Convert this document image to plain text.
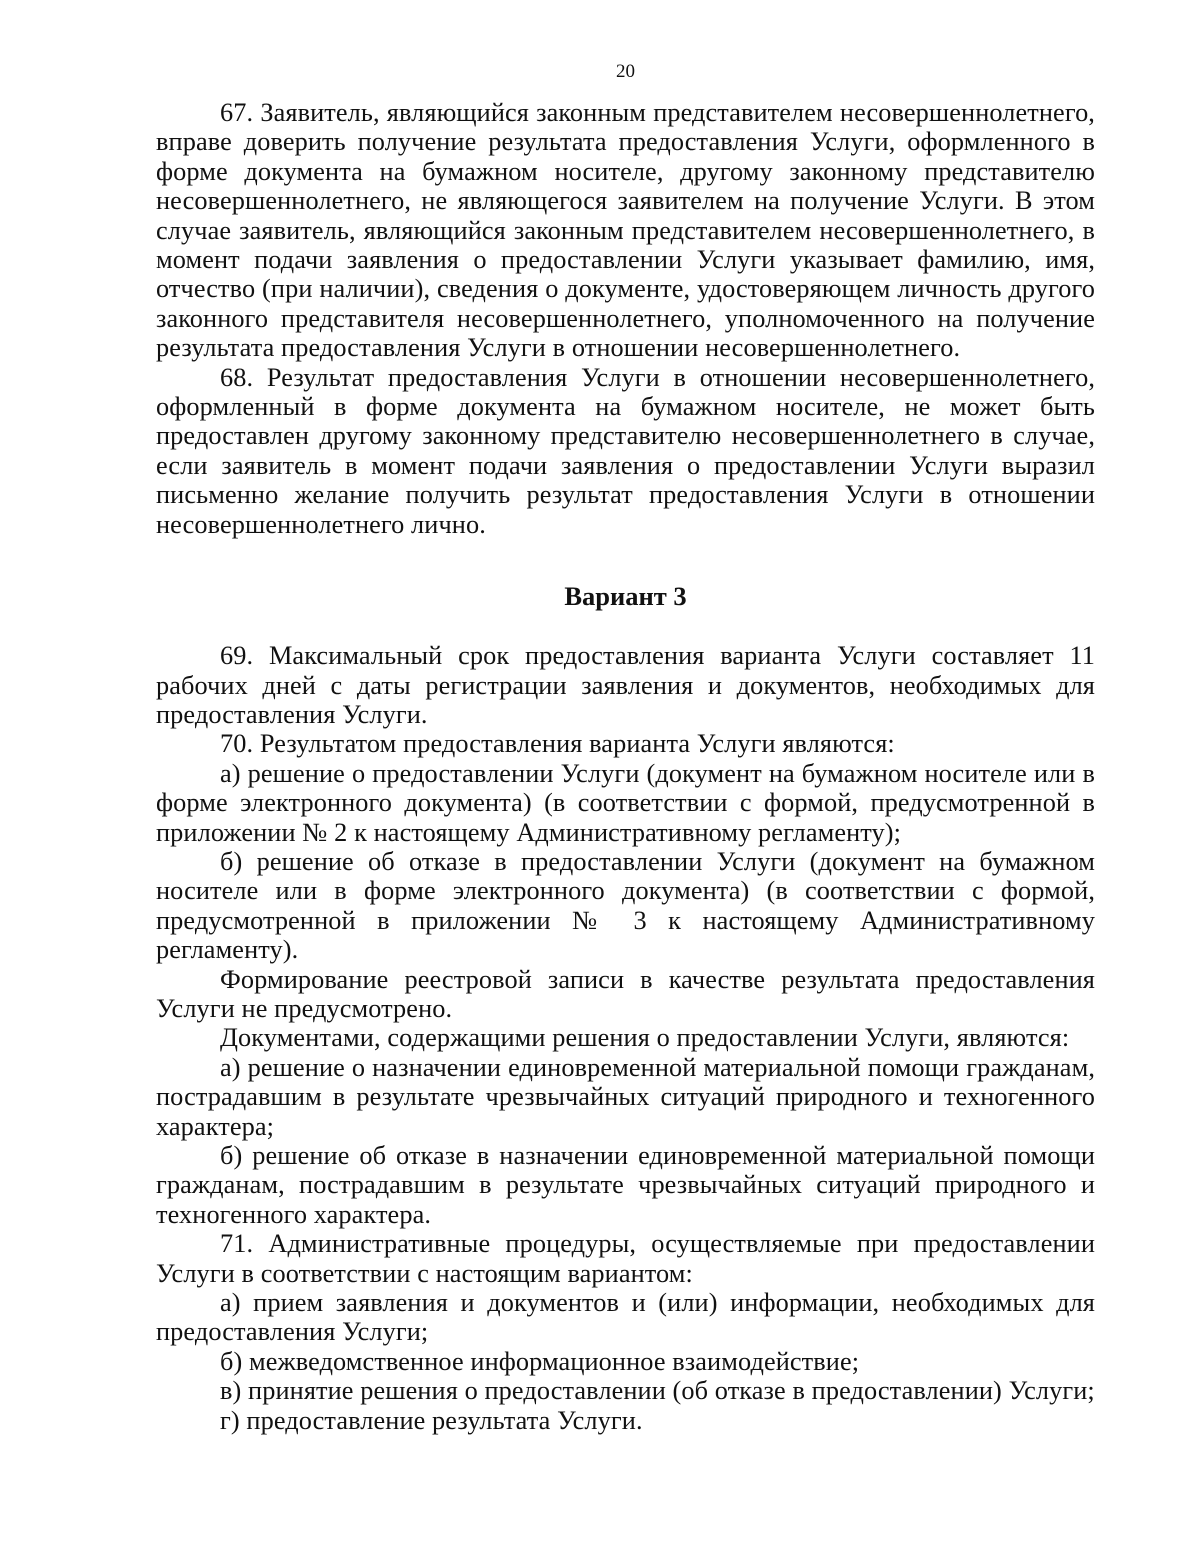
20

67. Заявитель, являющийся законным представителем несовершеннолетнего, вправе доверить получение результата предоставления Услуги, оформленного в форме документа на бумажном носителе, другому законному представителю несовершеннолетнего, не являющегося заявителем на получение Услуги. В этом случае заявитель, являющийся законным представителем несовершеннолетнего, в момент подачи заявления о предоставлении Услуги указывает фамилию, имя, отчество (при наличии), сведения о документе, удостоверяющем личность другого законного представителя несовершеннолетнего, уполномоченного на получение результата предоставления Услуги в отношении несовершеннолетнего.

68. Результат предоставления Услуги в отношении несовершеннолетнего, оформленный в форме документа на бумажном носителе, не может быть предоставлен другому законному представителю несовершеннолетнего в случае, если заявитель в момент подачи заявления о предоставлении Услуги выразил письменно желание получить результат предоставления Услуги в отношении несовершеннолетнего лично.

Вариант 3

69. Максимальный срок предоставления варианта Услуги составляет 11 рабочих дней с даты регистрации заявления и документов, необходимых для предоставления Услуги.

70. Результатом предоставления варианта Услуги являются:

а) решение о предоставлении Услуги (документ на бумажном носителе или в форме электронного документа) (в соответствии с формой, предусмотренной в приложении № 2 к настоящему Административному регламенту);

б) решение об отказе в предоставлении Услуги (документ на бумажном носителе или в форме электронного документа) (в соответствии с формой, предусмотренной в приложении № 3 к настоящему Административному регламенту).

Формирование реестровой записи в качестве результата предоставления Услуги не предусмотрено.

Документами, содержащими решения о предоставлении Услуги, являются:

а) решение о назначении единовременной материальной помощи гражданам, пострадавшим в результате чрезвычайных ситуаций природного и техногенного характера;

б) решение об отказе в назначении единовременной материальной помощи гражданам, пострадавшим в результате чрезвычайных ситуаций природного и техногенного характера.

71. Административные процедуры, осуществляемые при предоставлении Услуги в соответствии с настоящим вариантом:

а) прием заявления и документов и (или) информации, необходимых для предоставления Услуги;

б) межведомственное информационное взаимодействие;

в) принятие решения о предоставлении (об отказе в предоставлении) Услуги;

г) предоставление результата Услуги.
